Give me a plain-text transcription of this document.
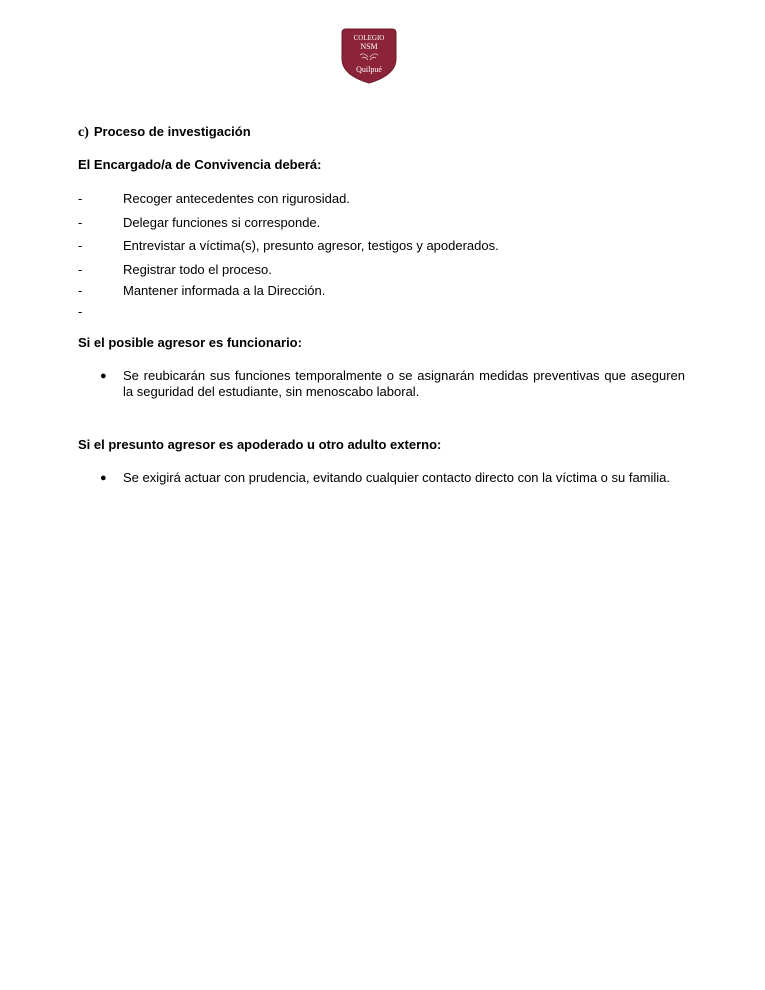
COLEGIO
NSM
Quilpué
c) Proceso de investigación
El Encargado/a de Convivencia deberá:
-	Recoger antecedentes con rigurosidad.
-	Delegar funciones si corresponde.
-	Entrevistar a víctima(s), presunto agresor, testigos y apoderados.
-	Registrar todo el proceso.
-	Mantener informada a la Dirección.
-
Si el posible agresor es funcionario:
● Se reubicarán sus funciones temporalmente o se asignarán medidas preventivas que aseguren la seguridad del estudiante, sin menoscabo laboral.
Si el presunto agresor es apoderado u otro adulto externo:
● Se exigirá actuar con prudencia, evitando cualquier contacto directo con la víctima o su familia.
